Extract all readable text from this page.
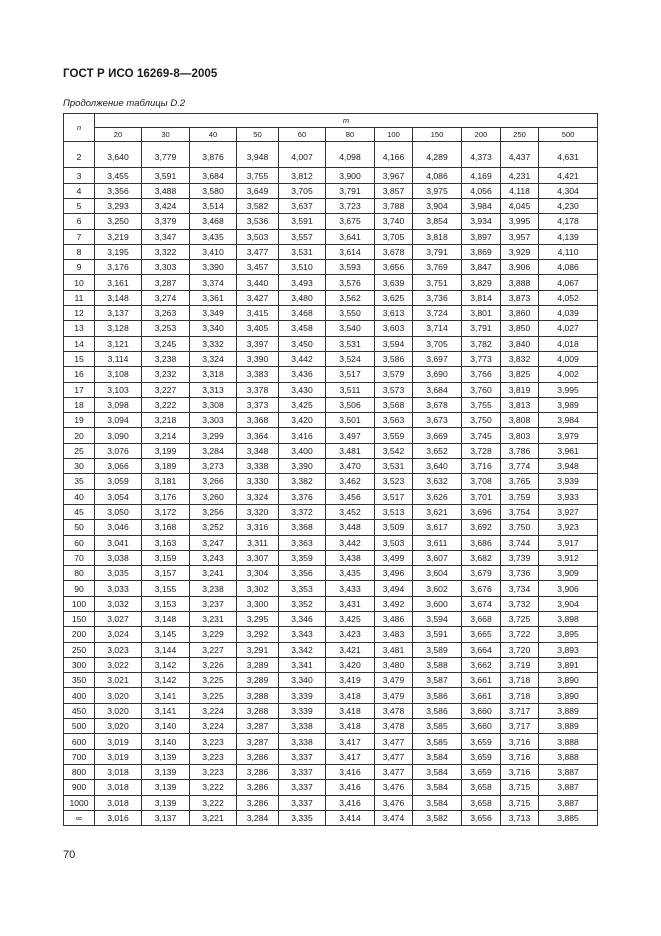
ГОСТ Р ИСО 16269-8—2005
Продолжение таблицы D.2
n	m										
	20	30	40	50	60	80	100	150	200	250	500
2	3,640	3,779	3,876	3,948	4,007	4,098	4,166	4,289	4,373	4,437	4,631
3	3,455	3,591	3,684	3,755	3,812	3,900	3,967	4,086	4,169	4,231	4,421
4	3,356	3,488	3,580	3,649	3,705	3,791	3,857	3,975	4,056	4,118	4,304
5	3,293	3,424	3,514	3,582	3,637	3,723	3,788	3,904	3,984	4,045	4,230
6	3,250	3,379	3,468	3,536	3,591	3,675	3,740	3,854	3,934	3,995	4,178
7	3,219	3,347	3,435	3,503	3,557	3,641	3,705	3,818	3,897	3,957	4,139
8	3,195	3,322	3,410	3,477	3,531	3,614	3,678	3,791	3,869	3,929	4,110
9	3,176	3,303	3,390	3,457	3,510	3,593	3,656	3,769	3,847	3,906	4,086
10	3,161	3,287	3,374	3,440	3,493	3,576	3,639	3,751	3,829	3,888	4,067
11	3,148	3,274	3,361	3,427	3,480	3,562	3,625	3,736	3,814	3,873	4,052
12	3,137	3,263	3,349	3,415	3,468	3,550	3,613	3,724	3,801	3,860	4,039
13	3,128	3,253	3,340	3,405	3,458	3,540	3,603	3,714	3,791	3,850	4,027
14	3,121	3,245	3,332	3,397	3,450	3,531	3,594	3,705	3,782	3,840	4,018
15	3,114	3,238	3,324	3,390	3,442	3,524	3,586	3,697	3,773	3,832	4,009
16	3,108	3,232	3,318	3,383	3,436	3,517	3,579	3,690	3,766	3,825	4,002
17	3,103	3,227	3,313	3,378	3,430	3,511	3,573	3,684	3,760	3,819	3,995
18	3,098	3,222	3,308	3,373	3,425	3,506	3,568	3,678	3,755	3,813	3,989
19	3,094	3,218	3,303	3,368	3,420	3,501	3,563	3,673	3,750	3,808	3,984
20	3,090	3,214	3,299	3,364	3,416	3,497	3,559	3,669	3,745	3,803	3,979
25	3,076	3,199	3,284	3,348	3,400	3,481	3,542	3,652	3,728	3,786	3,961
30	3,066	3,189	3,273	3,338	3,390	3,470	3,531	3,640	3,716	3,774	3,948
35	3,059	3,181	3,266	3,330	3,382	3,462	3,523	3,632	3,708	3,765	3,939
40	3,054	3,176	3,260	3,324	3,376	3,456	3,517	3,626	3,701	3,759	3,933
45	3,050	3,172	3,256	3,320	3,372	3,452	3,513	3,621	3,696	3,754	3,927
50	3,046	3,168	3,252	3,316	3,368	3,448	3,509	3,617	3,692	3,750	3,923
60	3,041	3,163	3,247	3,311	3,363	3,442	3,503	3,611	3,686	3,744	3,917
70	3,038	3,159	3,243	3,307	3,359	3,438	3,499	3,607	3,682	3,739	3,912
80	3,035	3,157	3,241	3,304	3,356	3,435	3,496	3,604	3,679	3,736	3,909
90	3,033	3,155	3,238	3,302	3,353	3,433	3,494	3,602	3,676	3,734	3,906
100	3,032	3,153	3,237	3,300	3,352	3,431	3,492	3,600	3,674	3,732	3,904
150	3,027	3,148	3,231	3,295	3,346	3,425	3,486	3,594	3,668	3,725	3,898
200	3,024	3,145	3,229	3,292	3,343	3,423	3,483	3,591	3,665	3,722	3,895
250	3,023	3,144	3,227	3,291	3,342	3,421	3,481	3,589	3,664	3,720	3,893
300	3,022	3,142	3,226	3,289	3,341	3,420	3,480	3,588	3,662	3,719	3,891
350	3,021	3,142	3,225	3,289	3,340	3,419	3,479	3,587	3,661	3,718	3,890
400	3,020	3,141	3,225	3,288	3,339	3,418	3,479	3,586	3,661	3,718	3,890
450	3,020	3,141	3,224	3,288	3,339	3,418	3,478	3,586	3,660	3,717	3,889
500	3,020	3,140	3,224	3,287	3,338	3,418	3,478	3,585	3,660	3,717	3,889
600	3,019	3,140	3,223	3,287	3,338	3,417	3,477	3,585	3,659	3,716	3,888
700	3,019	3,139	3,223	3,286	3,337	3,417	3,477	3,584	3,659	3,716	3,888
800	3,018	3,139	3,223	3,286	3,337	3,416	3,477	3,584	3,659	3,716	3,887
900	3,018	3,139	3,222	3,286	3,337	3,416	3,476	3,584	3,658	3,715	3,887
1000	3,018	3,139	3,222	3,286	3,337	3,416	3,476	3,584	3,658	3,715	3,887
∞	3,016	3,137	3,221	3,284	3,335	3,414	3,474	3,582	3,656	3,713	3,885
70
